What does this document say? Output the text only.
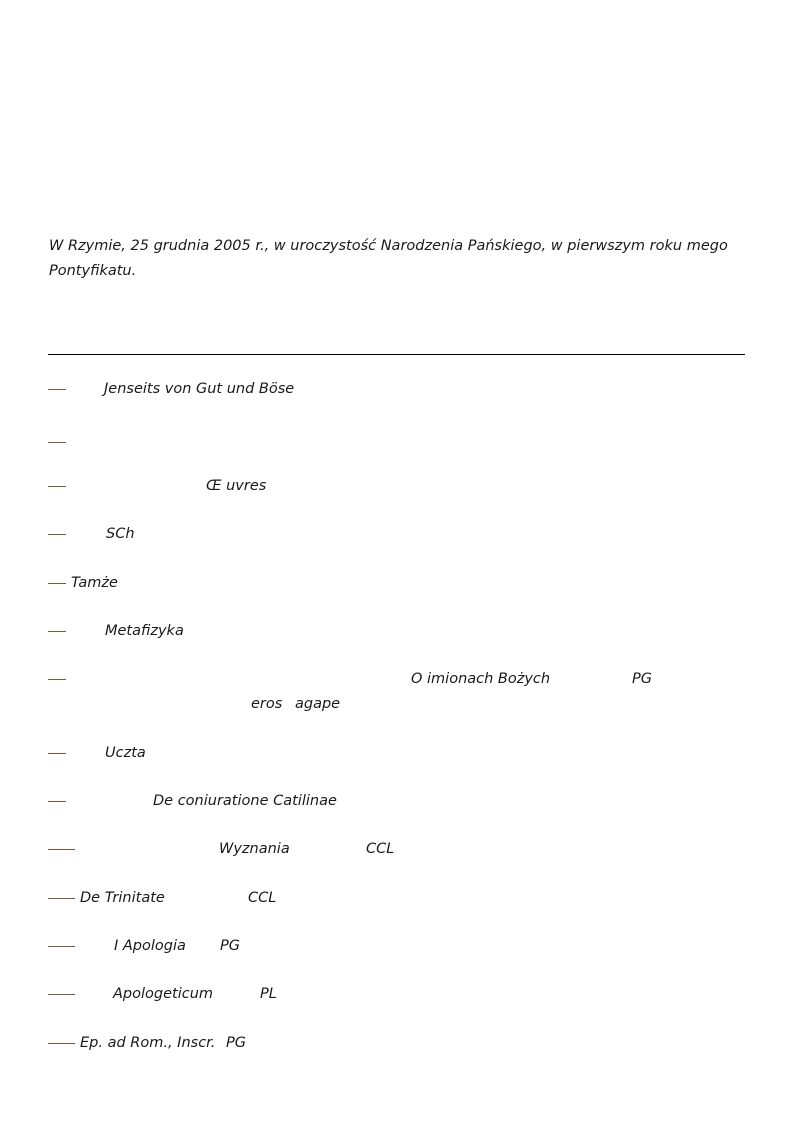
W Rzymie, 25 grudnia 2005 r., w uroczystość Narodzenia Pańskiego, w pierwszym roku mego Pontyfikatu.

Jenseits von Gut und Böse
Œ uvres
SCh
Tamże
Metafizyka
O imionach Bożych	PG
eros agape
Uczta
De coniuratione Catilinae
Wyznania	CCL
De Trinitate	CCL
I Apologia PG
Apologeticum	PL
Ep. ad Rom., Inscr. PG
